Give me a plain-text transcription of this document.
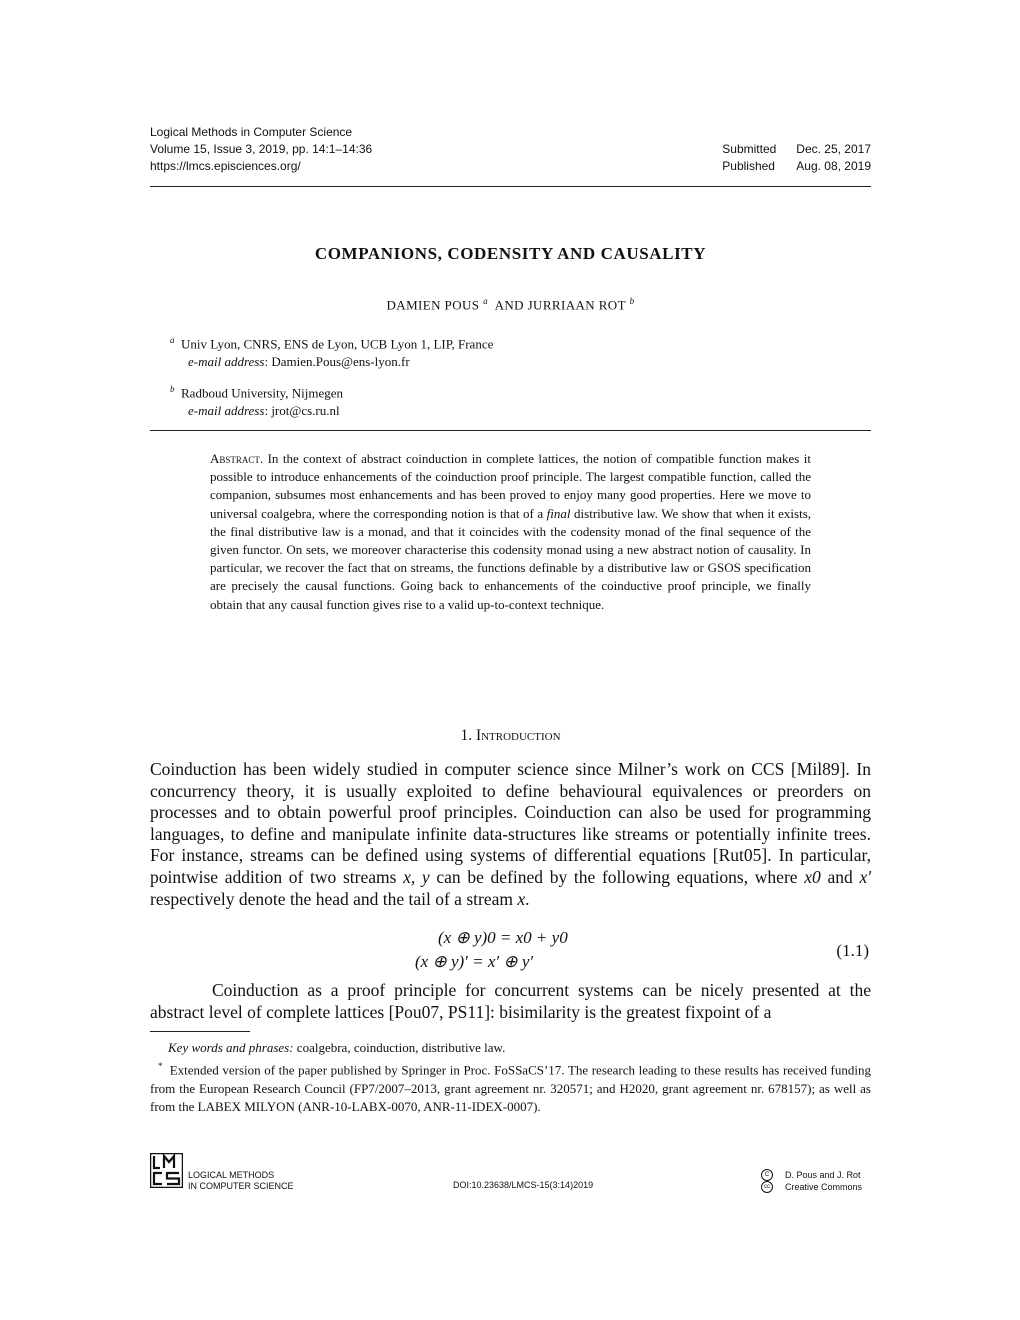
Logical Methods in Computer Science
Volume 15, Issue 3, 2019, pp. 14:1–14:36	Submitted	Dec. 25, 2017
https://lmcs.episciences.org/	Published	Aug. 08, 2019
COMPANIONS, CODENSITY AND CAUSALITY
DAMIEN POUS $^a$ AND JURRIAAN ROT $^b$
$^a$ Univ Lyon, CNRS, ENS de Lyon, UCB Lyon 1, LIP, France
e-mail address: Damien.Pous@ens-lyon.fr
$^b$ Radboud University, Nijmegen
e-mail address: jrot@cs.ru.nl
Abstract. In the context of abstract coinduction in complete lattices, the notion of compatible function makes it possible to introduce enhancements of the coinduction proof principle. The largest compatible function, called the companion, subsumes most enhancements and has been proved to enjoy many good properties. Here we move to universal coalgebra, where the corresponding notion is that of a final distributive law. We show that when it exists, the final distributive law is a monad, and that it coincides with the codensity monad of the final sequence of the given functor. On sets, we moreover characterise this codensity monad using a new abstract notion of causality. In particular, we recover the fact that on streams, the functions definable by a distributive law or GSOS specification are precisely the causal functions. Going back to enhancements of the coinductive proof principle, we finally obtain that any causal function gives rise to a valid up-to-context technique.
1. Introduction
Coinduction has been widely studied in computer science since Milner’s work on CCS [Mil89]. In concurrency theory, it is usually exploited to define behavioural equivalences or preorders on processes and to obtain powerful proof principles. Coinduction can also be used for programming languages, to define and manipulate infinite data-structures like streams or potentially infinite trees. For instance, streams can be defined using systems of differential equations [Rut05]. In particular, pointwise addition of two streams x, y can be defined by the following equations, where x0 and x′ respectively denote the head and the tail of a stream x.
(x ⊕ y)0 = x0 + y0
(x ⊕ y)′ = x′ ⊕ y′
(1.1)
Coinduction as a proof principle for concurrent systems can be nicely presented at the abstract level of complete lattices [Pou07, PS11]: bisimilarity is the greatest fixpoint of a
Key words and phrases: coalgebra, coinduction, distributive law.
* Extended version of the paper published by Springer in Proc. FoSSaCS’17. The research leading to these results has received funding from the European Research Council (FP7/2007–2013, grant agreement nr. 320571; and H2020, grant agreement nr. 678157); as well as from the LABEX MILYON (ANR-10-LABX-0070, ANR-11-IDEX-0007).
LOGICAL METHODS
IN COMPUTER SCIENCE	DOI:10.23638/LMCS-15(3:14)2019
C	D. Pous and J. Rot
cc	Creative Commons
